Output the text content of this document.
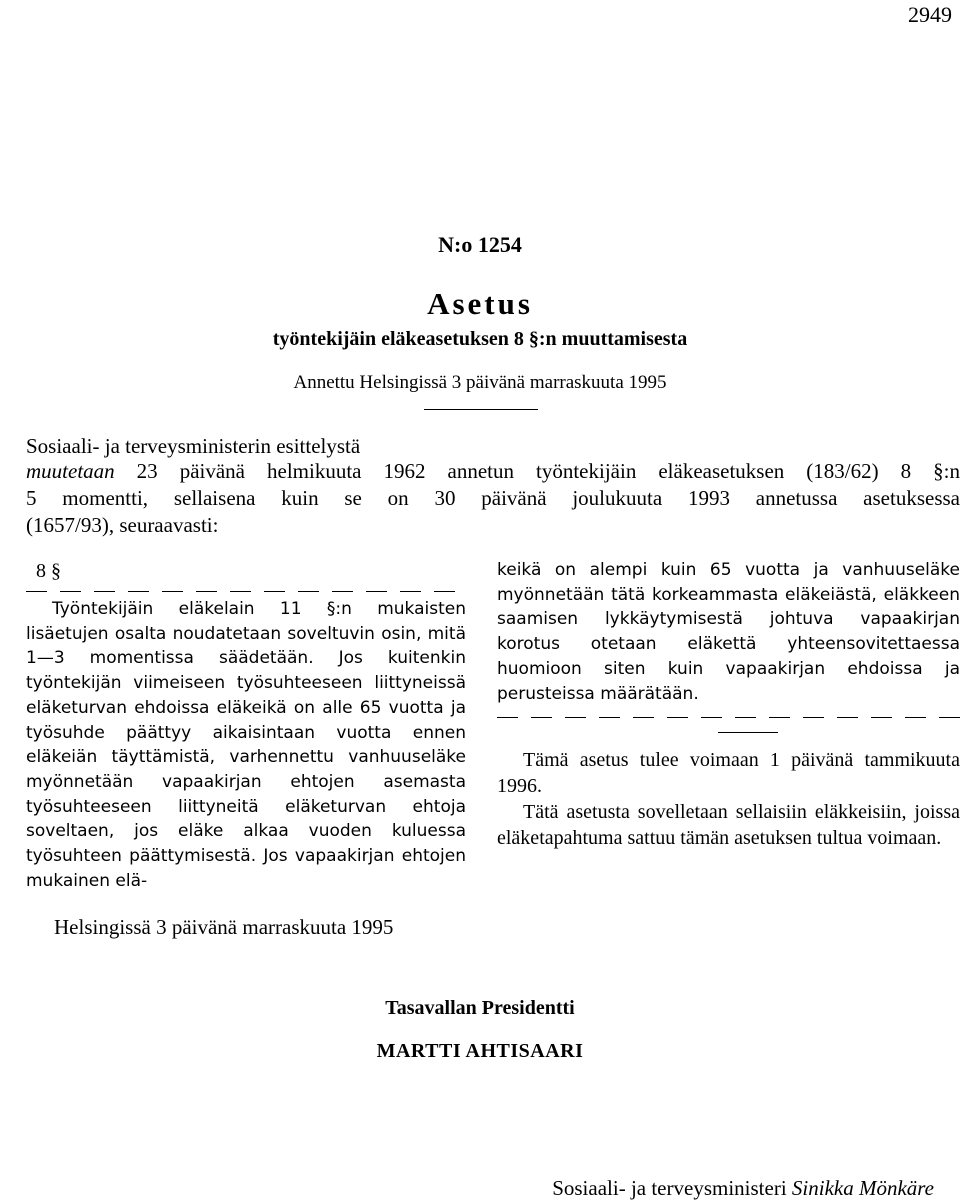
2949
N:o 1254
Asetus
työntekijäin eläkeasetuksen 8 §:n muuttamisesta
Annettu Helsingissä 3 päivänä marraskuuta 1995
Sosiaali- ja terveysministerin esittelystä
muutetaan 23 päivänä helmikuuta 1962 annetun työntekijäin eläkeasetuksen (183/62) 8 §:n
5 momentti, sellaisena kuin se on 30 päivänä joulukuuta 1993 annetussa asetuksessa
(1657/93), seuraavasti:
8 §
Työntekijäin eläkelain 11 §:n mukaisten lisäetujen osalta noudatetaan soveltuvin osin, mitä 1—3 momentissa säädetään. Jos kuitenkin työntekijän viimeiseen työsuhteeseen liittyneissä eläketurvan ehdoissa eläkeikä on alle 65 vuotta ja työsuhde päättyy aikaisintaan vuotta ennen eläkeiän täyttämistä, varhennettu vanhuuseläke myönnetään vapaakirjan ehtojen asemasta työsuhteeseen liittyneitä eläketurvan ehtoja soveltaen, jos eläke alkaa vuoden kuluessa työsuhteen päättymisestä. Jos vapaakirjan ehtojen mukainen elä-
keikä on alempi kuin 65 vuotta ja vanhuuseläke myönnetään tätä korkeammasta eläkeiästä, eläkkeen saamisen lykkäytymisestä johtuva vapaakirjan korotus otetaan eläkettä yhteensovitettaessa huomioon siten kuin vapaakirjan ehdoissa ja perusteissa määrätään.
Tämä asetus tulee voimaan 1 päivänä tammikuuta 1996.
Tätä asetusta sovelletaan sellaisiin eläkkeisiin, joissa eläketapahtuma sattuu tämän asetuksen tultua voimaan.
Helsingissä 3 päivänä marraskuuta 1995
Tasavallan Presidentti
MARTTI AHTISAARI
Sosiaali- ja terveysministeri Sinikka Mönkäre
